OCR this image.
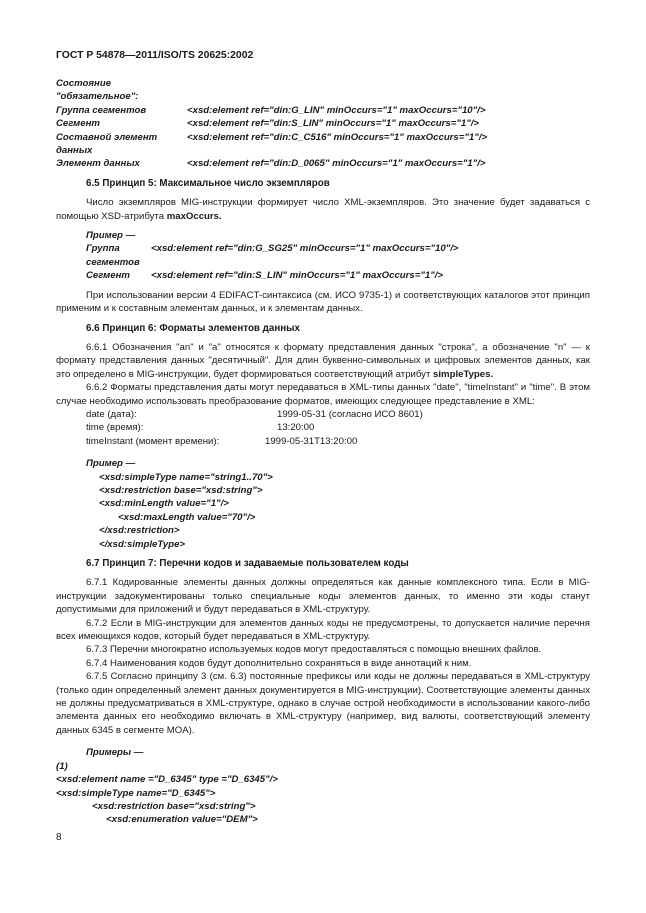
ГОСТ Р 54878—2011/ISO/TS 20625:2002
Состояние
"обязательное":
Группа сегментов	<xsd:element ref="din:G_LIN" minOccurs="1" maxOccurs="10"/>
Сегмент	<xsd:element ref="din:S_LIN" minOccurs="1" maxOccurs="1"/>
Составной элемент	<xsd:element ref="din:C_C516" minOccurs="1" maxOccurs="1"/>
данных
Элемент данных	<xsd:element ref="din:D_0065" minOccurs="1" maxOccurs="1"/>
6.5 Принцип 5: Максимальное число экземпляров

Число экземпляров MIG-инструкции формирует число XML-экземпляров. Это значение будет задаваться с помощью XSD-атрибута maxOccurs.

Пример —
Группа	<xsd:element ref="din:G_SG25" minOccurs="1" maxOccurs="10"/>
сегментов
Сегмент	<xsd:element ref="din:S_LIN" minOccurs="1" maxOccurs="1"/>

При использовании версии 4 EDIFACT-синтаксиса (см. ИСО 9735-1) и соответствующих каталогов этот принцип применим и к составным элементам данных, и к элементам данных.

6.6 Принцип 6: Форматы элементов данных

6.6.1 Обозначения "an" и "a" относятся к формату представления данных "строка", а обозначение "n" — к формату представления данных "десятичный". Для длин буквенно-символьных и цифровых элементов данных, как это определено в MIG-инструкции, будет формироваться соответствующий атрибут simpleTypes.

6.6.2 Форматы представления даты могут передаваться в XML-типы данных "date", "timeInstant" и "time". В этом случае необходимо использовать преобразование форматов, имеющих следующее представление в XML:

date (дата):	1999-05-31 (согласно ИСО 8601)
time (время):	13:20:00
timeInstant (момент времени):	1999-05-31T13:20:00
Пример —
<xsd:simpleType name="string1..70">
<xsd:restriction base="xsd:string">
<xsd:minLength value="1"/>
<xsd:maxLength value="70"/>
</xsd:restriction>
</xsd:simpleType>
6.7 Принцип 7: Перечни кодов и задаваемые пользователем коды

6.7.1 Кодированные элементы данных должны определяться как данные комплексного типа. Если в MIG-инструкции задокументированы только специальные коды элементов данных, то именно эти коды станут допустимыми для приложений и будут передаваться в XML-структуру.

6.7.2 Если в MIG-инструкции для элементов данных коды не предусмотрены, то допускается наличие перечня всех имеющихся кодов, который будет передаваться в XML-структуру.

6.7.3 Перечни многократно используемых кодов могут предоставляться с помощью внешних файлов.

6.7.4 Наименования кодов будут дополнительно сохраняться в виде аннотаций к ним.

6.7.5 Согласно принципу 3 (см. 6.3) постоянные префиксы или коды не должны передаваться в XML-структуру (только один определенный элемент данных документируется в MIG-инструкции). Соответствующие элементы данных не должны предусматриваться в XML-структуре, однако в случае острой необходимости в использовании какого-либо элемента данных его необходимо включать в XML-структуру (например, вид валюты, соответствующий элементу данных 6345 в сегменте MOA).

Примеры —
(1)
<xsd:element name ="D_6345" type ="D_6345"/>
<xsd:simpleType name="D_6345">
<xsd:restriction base="xsd:string">
<xsd:enumeration value="DEM">
8
